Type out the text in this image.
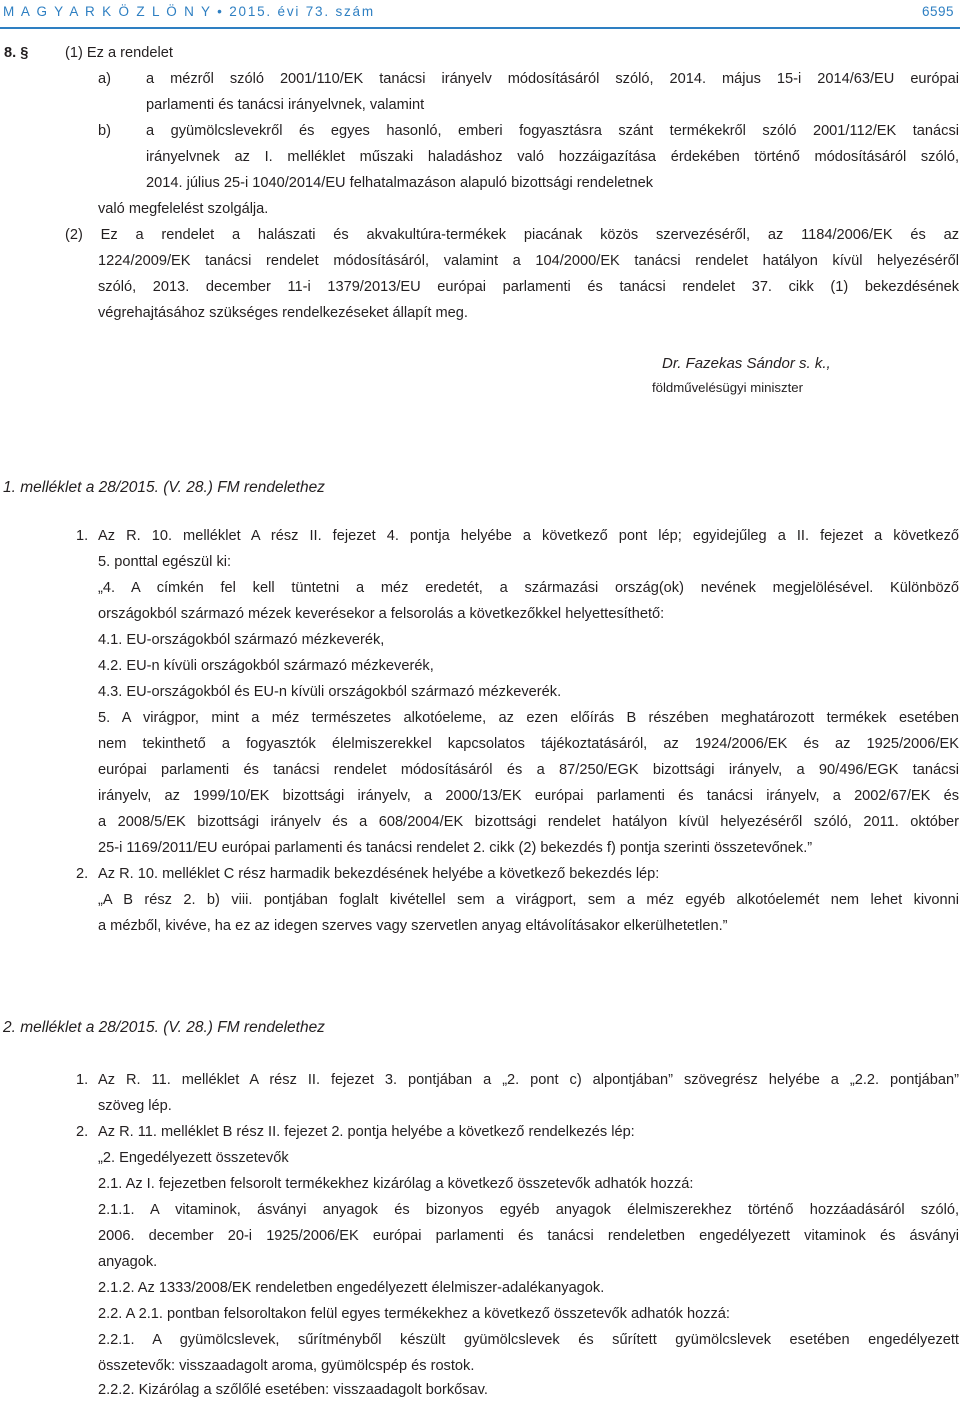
M A G Y A R K Ö Z L Ö N Y • 2015. évi 73. szám	6595
8. §	(1) Ez a rendelet
a) a mézről szóló 2001/110/EK tanácsi irányelv módosításáról szóló, 2014. május 15-i 2014/63/EU európai
parlamenti és tanácsi irányelvnek, valamint
b) a gyümölcslevekről és egyes hasonló, emberi fogyasztásra szánt termékekről szóló 2001/112/EK tanácsi
irányelvnek az I. melléklet műszaki haladáshoz való hozzáigazítása érdekében történő módosításáról szóló,
2014. július 25-i 1040/2014/EU felhatalmazáson alapuló bizottsági rendeletnek
való megfelelést szolgálja.
(2) Ez a rendelet a halászati és akvakultúra-termékek piacának közös szervezéséről, az 1184/2006/EK és az
1224/2009/EK tanácsi rendelet módosításáról, valamint a 104/2000/EK tanácsi rendelet hatályon kívül helyezéséről
szóló, 2013. december 11-i 1379/2013/EU európai parlamenti és tanácsi rendelet 37. cikk (1) bekezdésének
végrehajtásához szükséges rendelkezéseket állapít meg.
Dr. Fazekas Sándor s. k.,
földművelésügyi miniszter
1. melléklet a 28/2015. (V. 28.) FM rendelethez
1. Az R. 10. melléklet A rész II. fejezet 4. pontja helyébe a következő pont lép; egyidejűleg a II. fejezet a következő
5. ponttal egészül ki:
„4. A címkén fel kell tüntetni a méz eredetét, a származási ország(ok) nevének megjelölésével. Különböző
országokból származó mézek keverésekor a felsorolás a következőkkel helyettesíthető:
4.1. EU-országokból származó mézkeverék,
4.2. EU-n kívüli országokból származó mézkeverék,
4.3. EU-országokból és EU-n kívüli országokból származó mézkeverék.
5. A virágpor, mint a méz természetes alkotóeleme, az ezen előírás B részében meghatározott termékek esetében
nem tekinthető a fogyasztók élelmiszerekkel kapcsolatos tájékoztatásáról, az 1924/2006/EK és az 1925/2006/EK
európai parlamenti és tanácsi rendelet módosításáról és a 87/250/EGK bizottsági irányelv, a 90/496/EGK tanácsi
irányelv, az 1999/10/EK bizottsági irányelv, a 2000/13/EK európai parlamenti és tanácsi irányelv, a 2002/67/EK és
a 2008/5/EK bizottsági irányelv és a 608/2004/EK bizottsági rendelet hatályon kívül helyezéséről szóló, 2011. október
25-i 1169/2011/EU európai parlamenti és tanácsi rendelet 2. cikk (2) bekezdés f) pontja szerinti összetevőnek.”
2. Az R. 10. melléklet C rész harmadik bekezdésének helyébe a következő bekezdés lép:
„A B rész 2. b) viii. pontjában foglalt kivétellel sem a virágport, sem a méz egyéb alkotóelemét nem lehet kivonni
a mézből, kivéve, ha ez az idegen szerves vagy szervetlen anyag eltávolításakor elkerülhetetlen.”
2. melléklet a 28/2015. (V. 28.) FM rendelethez
1. Az R. 11. melléklet A rész II. fejezet 3. pontjában a „2. pont c) alpontjában” szövegrész helyébe a „2.2. pontjában”
szöveg lép.
2. Az R. 11. melléklet B rész II. fejezet 2. pontja helyébe a következő rendelkezés lép:
„2. Engedélyezett összetevők
2.1. Az I. fejezetben felsorolt termékekhez kizárólag a következő összetevők adhatók hozzá:
2.1.1. A vitaminok, ásványi anyagok és bizonyos egyéb anyagok élelmiszerekhez történő hozzáadásáról szóló,
2006. december 20-i 1925/2006/EK európai parlamenti és tanácsi rendeletben engedélyezett vitaminok és ásványi
anyagok.
2.1.2. Az 1333/2008/EK rendeletben engedélyezett élelmiszer-adalékanyagok.
2.2. A 2.1. pontban felsoroltakon felül egyes termékekhez a következő összetevők adhatók hozzá:
2.2.1. A gyümölcslevek, sűrítményből készült gyümölcslevek és sűrített gyümölcslevek esetében engedélyezett
összetevők: visszaadagolt aroma, gyümölcspép és rostok.
2.2.2. Kizárólag a szőlőlé esetében: visszaadagolt borkősav.
